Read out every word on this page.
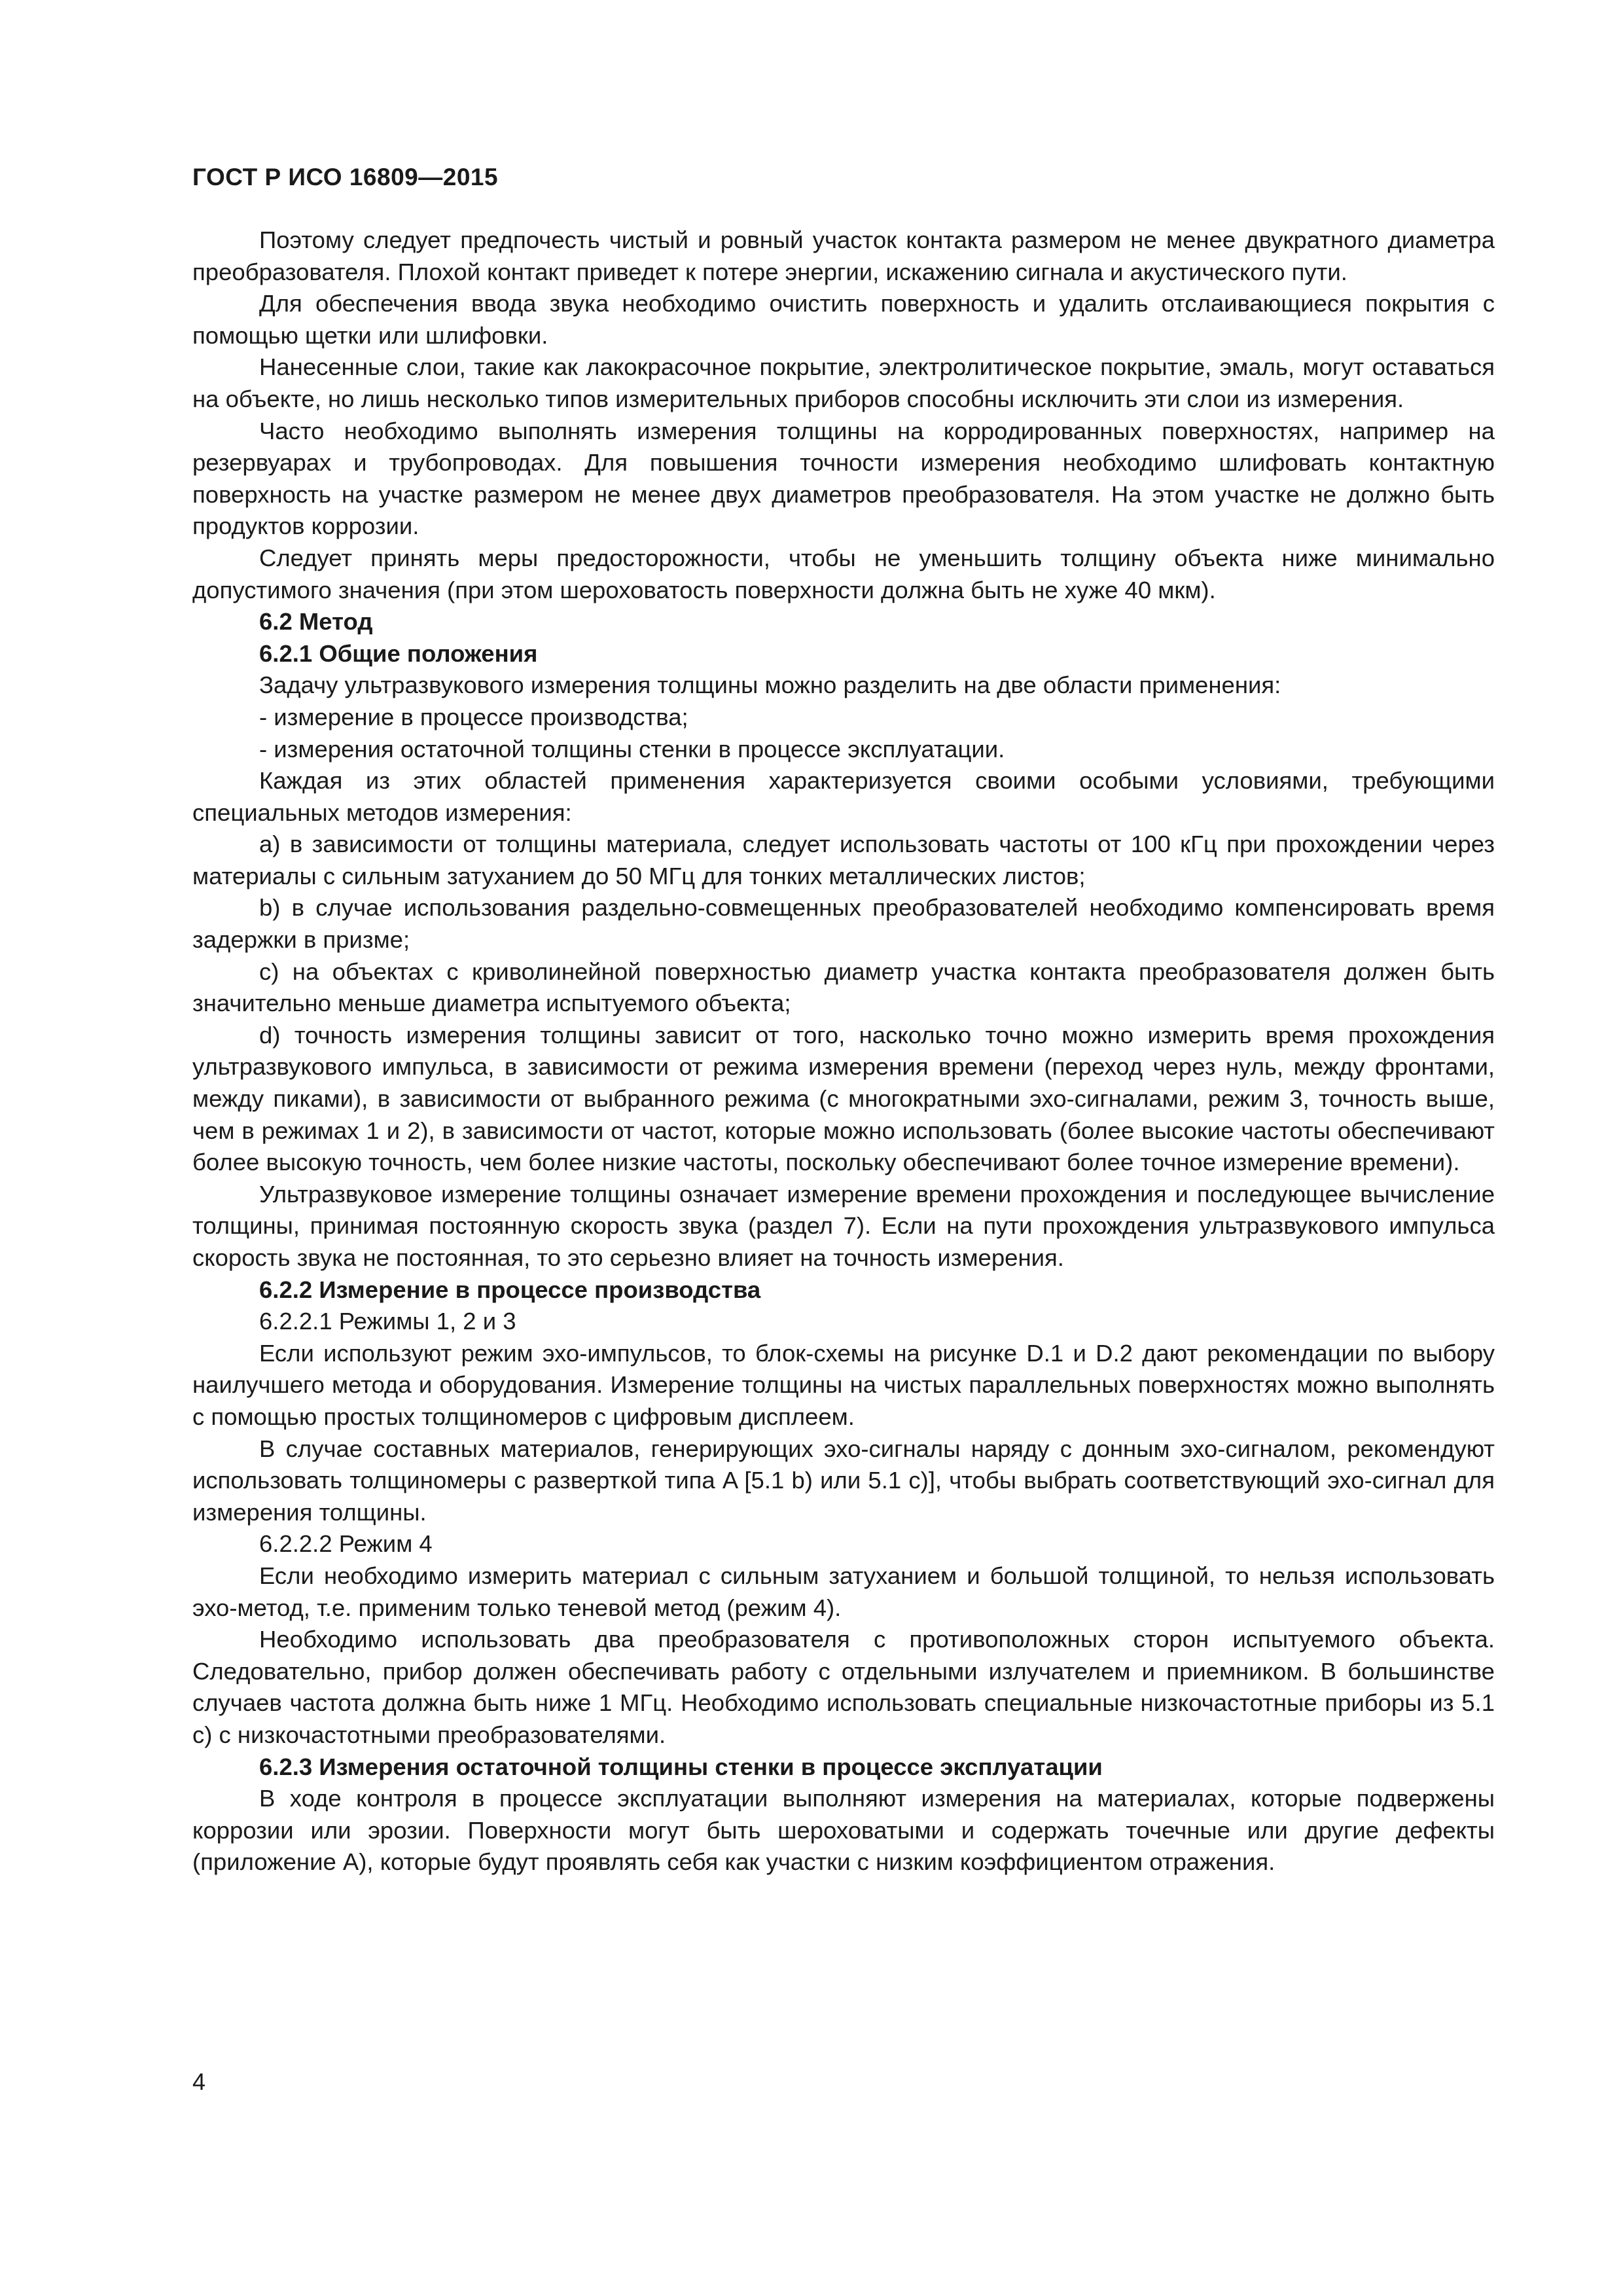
ГОСТ Р ИСО 16809—2015

Поэтому следует предпочесть чистый и ровный участок контакта размером не менее двукратного диаметра преобразователя. Плохой контакт приведет к потере энергии, искажению сигнала и акустического пути.

Для обеспечения ввода звука необходимо очистить поверхность и удалить отслаивающиеся покрытия с помощью щетки или шлифовки.

Нанесенные слои, такие как лакокрасочное покрытие, электролитическое покрытие, эмаль, могут оставаться на объекте, но лишь несколько типов измерительных приборов способны исключить эти слои из измерения.

Часто необходимо выполнять измерения толщины на корродированных поверхностях, например на резервуарах и трубопроводах. Для повышения точности измерения необходимо шлифовать контактную поверхность на участке размером не менее двух диаметров преобразователя. На этом участке не должно быть продуктов коррозии.

Следует принять меры предосторожности, чтобы не уменьшить толщину объекта ниже минимально допустимого значения (при этом шероховатость поверхности должна быть не хуже 40 мкм).

6.2 Метод

6.2.1 Общие положения

Задачу ультразвукового измерения толщины можно разделить на две области применения:

- измерение в процессе производства;

- измерения остаточной толщины стенки в процессе эксплуатации.

Каждая из этих областей применения характеризуется своими особыми условиями, требующими специальных методов измерения:

a) в зависимости от толщины материала, следует использовать частоты от 100 кГц при прохождении через материалы с сильным затуханием до 50 МГц для тонких металлических листов;

b) в случае использования раздельно-совмещенных преобразователей необходимо компенсировать время задержки в призме;

c) на объектах с криволинейной поверхностью диаметр участка контакта преобразователя должен быть значительно меньше диаметра испытуемого объекта;

d) точность измерения толщины зависит от того, насколько точно можно измерить время прохождения ультразвукового импульса, в зависимости от режима измерения времени (переход через нуль, между фронтами, между пиками), в зависимости от выбранного режима (с многократными эхо-сигналами, режим 3, точность выше, чем в режимах 1 и 2), в зависимости от частот, которые можно использовать (более высокие частоты обеспечивают более высокую точность, чем более низкие частоты, поскольку обеспечивают более точное измерение времени).

Ультразвуковое измерение толщины означает измерение времени прохождения и последующее вычисление толщины, принимая постоянную скорость звука (раздел 7). Если на пути прохождения ультразвукового импульса скорость звука не постоянная, то это серьезно влияет на точность измерения.

6.2.2 Измерение в процессе производства

6.2.2.1 Режимы 1, 2 и 3

Если используют режим эхо-импульсов, то блок-схемы на рисунке D.1 и D.2 дают рекомендации по выбору наилучшего метода и оборудования. Измерение толщины на чистых параллельных поверхностях можно выполнять с помощью простых толщиномеров с цифровым дисплеем.

В случае составных материалов, генерирующих эхо-сигналы наряду с донным эхо-сигналом, рекомендуют использовать толщиномеры с разверткой типа A [5.1 b) или 5.1 c)], чтобы выбрать соответствующий эхо-сигнал для измерения толщины.

6.2.2.2 Режим 4

Если необходимо измерить материал с сильным затуханием и большой толщиной, то нельзя использовать эхо-метод, т.е. применим только теневой метод (режим 4).

Необходимо использовать два преобразователя с противоположных сторон испытуемого объекта. Следовательно, прибор должен обеспечивать работу с отдельными излучателем и приемником. В большинстве случаев частота должна быть ниже 1 МГц. Необходимо использовать специальные низкочастотные приборы из 5.1 c) с низкочастотными преобразователями.

6.2.3 Измерения остаточной толщины стенки в процессе эксплуатации

В ходе контроля в процессе эксплуатации выполняют измерения на материалах, которые подвержены коррозии или эрозии. Поверхности могут быть шероховатыми и содержать точечные или другие дефекты (приложение A), которые будут проявлять себя как участки с низким коэффициентом отражения.

4
